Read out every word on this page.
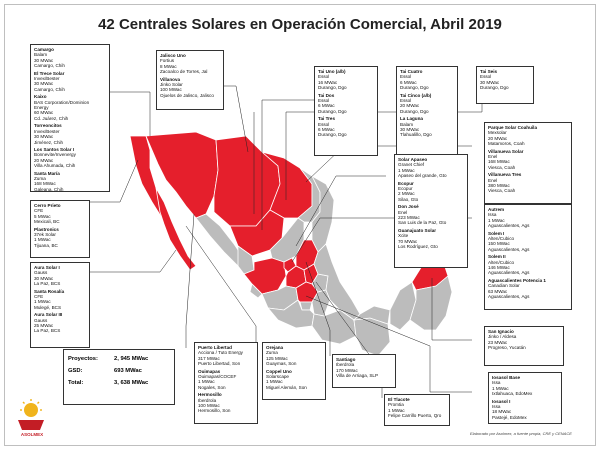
42 Centrales Solares en Operación Comercial, Abril 2019
Camargo
Balam
30 MWac
Camargo, Chih
El Trece Solar
Invex/Bester
30 MWac
Camargo, Chih
Kaixo
BAS Corporation/Dominion
Energy
60 MWac
Cd. Juárez, Chih
Torreoncitos
Invex/Bester
30 MWac
Jiménez, Chih
Los Santos Solar I
Bonnevite/Invenergy
20 MWac
Villa Ahumada, Chih
Santa María
Zuma
168 MWac
Galeana, Chih
Cerro Prieto
CFE
5 MWac
Mexicali, BC
Plastronics
37ek Solar
1 MWac
Tijuana, BC
Aura Solar I
Gauss
30 MWac
La Paz, BCS
Santa Rosalía
CFE
1 MWac
Mulegé, BCS
Aura Solar III
Gauss
25 MWac
La Paz, BCS
Jalisco Uno
Fortius
8 MWac
Zacoalco de Torres, Jal
Villanova
Jinko Solar
100 MWac
Ojuelos de Jalisco, Jalisco
Tai Uno (a/b)
Essol
16 MWac
Durango, Dgo
Tai Dos
Essol
6 MWac
Durango, Dgo
Tai Tres
Essol
6 MWac
Durango, Dgo
Tai Cuatro
Essol
6 MWac
Durango, Dgo
Tai Cinco (a/b)
Essol
20 MWac
Durango, Dgo
La Laguna
Balam
30 MWac
Tlahualillo, Dgo
Tai Seis
Essol
30 MWac
Durango, Dgo
Parque Solar Coahuila
Mexsolar
20 MWac
Matamoros, Coah
Villanueva Solar
Enel
168 MWac
Viesca, Coah
Villanueva Tres
Enel
380 MWac
Viesca, Coah
Solar Apaseo
Granet Chief
1 MWac
Apaseo del grande, Gto
Ecopur
Ecopur
2 MWac
Silao, Gto
Don José
Enel
223 MWac
San Luis de la Paz, Gto
Guanajuato Solar
Xcite
70 MWac
Los Rodríguez, Gto
Autrem
Issa
1 MWac
Aguascalientes, Ags
Solem I
Alten/Cubico
150 MWac
Aguascalientes, Ags
Solem II
Alten/Cubico
146 MWac
Aguascalientes, Ags
Aguascalientes Potencia 1
Canadian Solar
63 MWac
Aguascalientes, Ags
San Ignacio
Jinko / Aldesa
23 MWac
Progreso, Yucatán
Iosasol Base
Issa
1 MWac
Ixtlahuaca, EdoMex
Iosasol I
Issa
18 MWac
Pastejé, EdoMex
Puerto Libertad
Acciona / Tuto Energy
317 MWac
Puerto Libertad, Son
Ouimapas
Ouimapas/COCEF
1 MWac
Nogales, Son
Hermosillo
Iberdrola
100 MWac
Hermosillo, Son
Orejana
Zuma
125 MWac
Guaymas, Son
Coppel Uno
Solarscape
1 MWac
Miguel Alemán, Son
Santiago
Iberdrola
170 MWac
Villa de Arriaga, SLP
El Tlacote
Promtia
1 MWac
Felipe Carrillo Puerto, Qro
Proyectos:	2, 945 MWac
GSD:	693 MWac
Total:	3, 638 MWac
ASOLMEX	Elaborado por Asolmex, a fuente propia, CRE y CENACE
